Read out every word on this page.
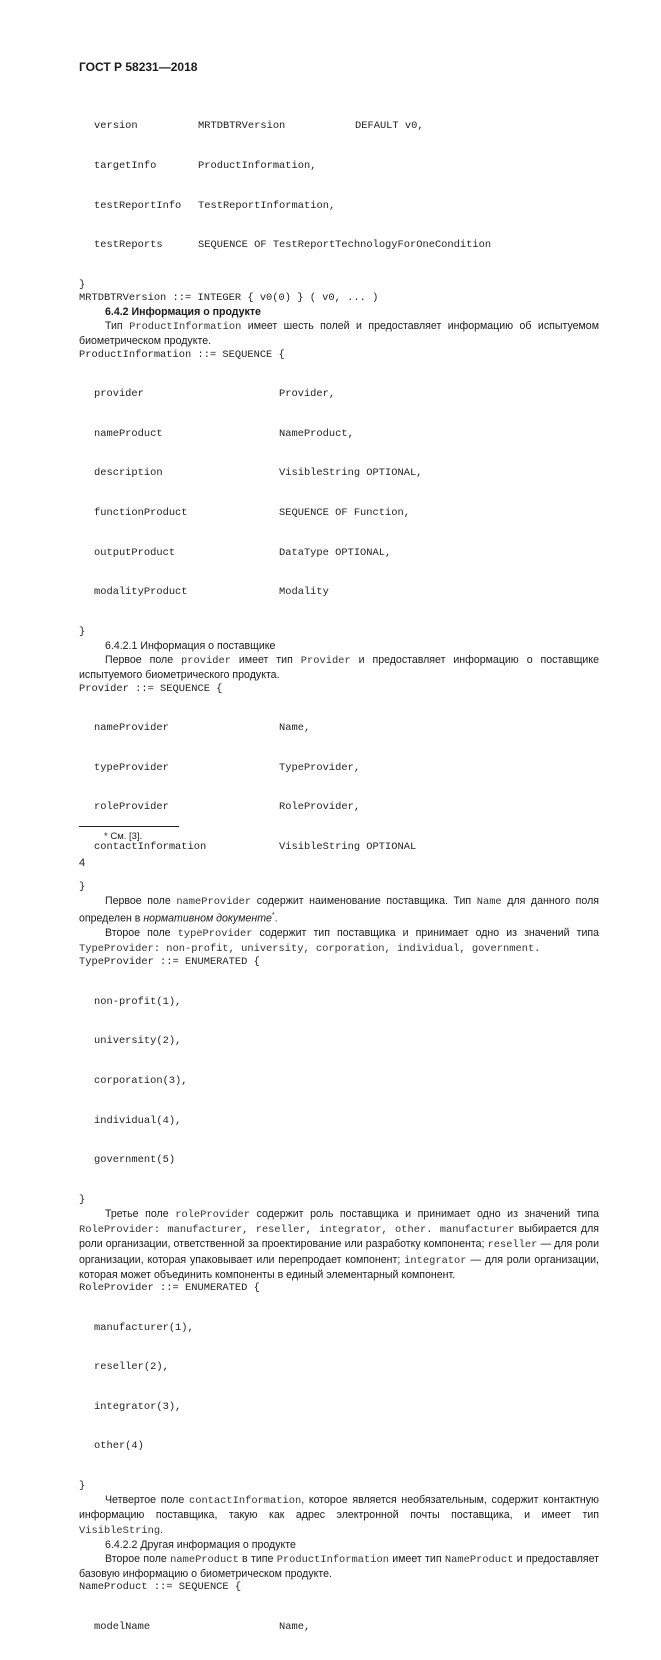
ГОСТ Р 58231—2018

version	MRTDBTRVersion	DEFAULT v0,

targetInfo	ProductInformation,

testReportInfo	TestReportInformation,

testReports	SEQUENCE OF TestReportTechnologyForOneCondition

}
MRTDBTRVersion ::= INTEGER { v0(0) } ( v0, ... )

6.4.2 Информация о продукте

Тип ProductInformation имеет шесть полей и предоставляет информацию об испытуемом биометрическом продукте.

ProductInformation ::= SEQUENCE {

provider	Provider,

nameProduct	NameProduct,

description	VisibleString OPTIONAL,

functionProduct	SEQUENCE OF Function,

outputProduct	DataType OPTIONAL,

modalityProduct	Modality

}

6.4.2.1 Информация о поставщике

Первое поле provider имеет тип Provider и предоставляет информацию о поставщике испытуемого биометрического продукта.

Provider ::= SEQUENCE {

nameProvider	Name,

typeProvider	TypeProvider,

roleProvider	RoleProvider,

contactInformation	VisibleString OPTIONAL

}

Первое поле nameProvider содержит наименование поставщика. Тип Name для данного поля определен в нормативном документе*.

Второе поле typeProvider содержит тип поставщика и принимает одно из значений типа TypeProvider: non-profit, university, corporation, individual, government.

TypeProvider ::= ENUMERATED {

non-profit(1),

university(2),

corporation(3),

individual(4),

government(5)

}

Третье поле roleProvider содержит роль поставщика и принимает одно из значений типа RoleProvider: manufacturer, reseller, integrator, other. manufacturer выбирается для роли организации, ответственной за проектирование или разработку компонента; reseller — для роли организации, которая упаковывает или перепродает компонент; integrator — для роли организации, которая может объединить компоненты в единый элементарный компонент.

RoleProvider ::= ENUMERATED {

manufacturer(1),

reseller(2),

integrator(3),

other(4)

}

Четвертое поле contactInformation, которое является необязательным, содержит контактную информацию поставщика, такую как адрес электронной почты поставщика, и имеет тип VisibleString.

6.4.2.2 Другая информация о продукте

Второе поле nameProduct в типе ProductInformation имеет тип NameProduct и предоставляет базовую информацию о биометрическом продукте.

NameProduct ::= SEQUENCE {

modelName	Name,

* См. [3].
4
